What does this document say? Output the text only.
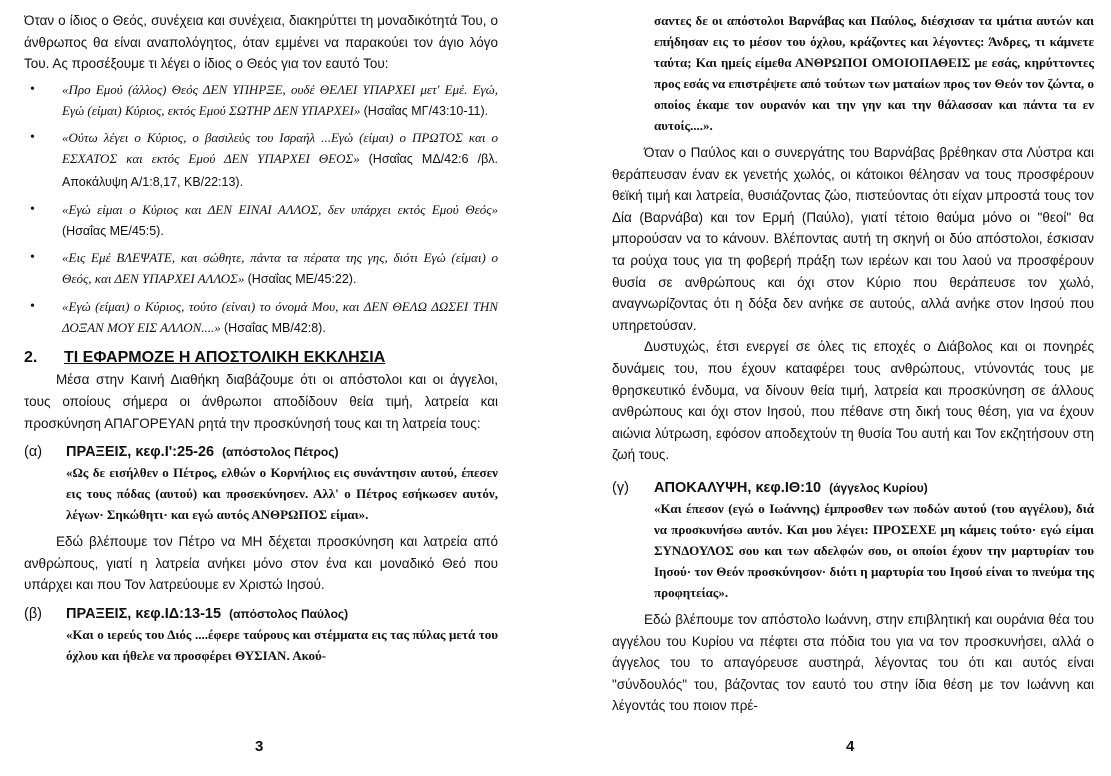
Όταν ο ίδιος ο Θεός, συνέχεια και συνέχεια, διακηρύττει τη μοναδικότητά Του, ο άνθρωπος θα είναι αναπολόγητος, όταν εμμένει να παρακούει τον άγιο λόγο Του. Ας προσέξουμε τι λέγει ο ίδιος ο Θεός για τον εαυτό Του:

• «Προ Εμού (άλλος) Θεός ΔΕΝ ΥΠΗΡΞΕ, ουδέ ΘΕΛΕΙ ΥΠΑΡΧΕΙ μετ' Εμέ. Εγώ, Εγώ (είμαι) Κύριος, εκτός Εμού ΣΩΤΗΡ ΔΕΝ ΥΠΑΡΧΕΙ» (Ησαΐας ΜΓ/43:10-11).
• «Ούτω λέγει ο Κύριος, ο βασιλεύς του Ισραήλ ...Εγώ (είμαι) ο ΠΡΩΤΟΣ και ο ΕΣΧΑΤΟΣ και εκτός Εμού ΔΕΝ ΥΠΑΡΧΕΙ ΘΕΟΣ» (Ησαΐας ΜΔ/42:6 /βλ. Αποκάλυψη Α/1:8,17, ΚΒ/22:13).
• «Εγώ είμαι ο Κύριος και ΔΕΝ ΕΙΝΑΙ ΑΛΛΟΣ, δεν υπάρχει εκτός Εμού Θεός» (Ησαΐας ΜΕ/45:5).
• «Εις Εμέ ΒΛΕΨΑΤΕ, και σώθητε, πάντα τα πέρατα της γης, διότι Εγώ (είμαι) ο Θεός, και ΔΕΝ ΥΠΑΡΧΕΙ ΑΛΛΟΣ» (Ησαΐας ΜΕ/45:22).
• «Εγώ (είμαι) ο Κύριος, τούτο (είναι) το όνομά Μου, και ΔΕΝ ΘΕΛΩ ΔΩΣΕΙ ΤΗΝ ΔΟΞΑΝ ΜΟΥ ΕΙΣ ΑΛΛΟΝ....» (Ησαΐας ΜΒ/42:8).
2.	ΤΙ ΕΦΑΡΜΟΖΕ Η ΑΠΟΣΤΟΛΙΚΗ ΕΚΚΛΗΣΙΑ

Μέσα στην Καινή Διαθήκη διαβάζουμε ότι οι απόστολοι και οι άγγελοι, τους οποίους σήμερα οι άνθρωποι αποδίδουν θεία τιμή, λατρεία και προσκύνηση ΑΠΑΓΟΡΕΥΑΝ ρητά την προσκύνησή τους και τη λατρεία τους:

(α)	ΠΡΑΞΕΙΣ, κεφ.Ι':25-26 (απόστολος Πέτρος)

«Ως δε εισήλθεν ο Πέτρος, ελθών ο Κορνήλιος εις συνάντησιν αυτού, έπεσεν εις τους πόδας (αυτού) και προσεκύνησεν. Αλλ' ο Πέτρος εσήκωσεν αυτόν, λέγων· Σηκώθητι· και εγώ αυτός ΑΝΘΡΩΠΟΣ είμαι».

Εδώ βλέπουμε τον Πέτρο να ΜΗ δέχεται προσκύνηση και λατρεία από ανθρώπους, γιατί η λατρεία ανήκει μόνο στον ένα και μοναδικό Θεό που υπάρχει και που Τον λατρεύουμε εν Χριστώ Ιησού.

(β)	ΠΡΑΞΕΙΣ, κεφ.ΙΔ:13-15 (απόστολος Παύλος)

«Και ο ιερεύς του Διός ....έφερε ταύρους και στέμματα εις τας πύλας μετά του όχλου και ήθελε να προσφέρει ΘΥΣΙΑΝ. Ακού-

σαντες δε οι απόστολοι Βαρνάβας και Παύλος, διέσχισαν τα ιμάτια αυτών και επήδησαν εις το μέσον του όχλου, κράζοντες και λέγοντες: Άνδρες, τι κάμνετε ταύτα; Και ημείς είμεθα ΑΝΘΡΩΠΟΙ ΟΜΟΙΟΠΑΘΕΙΣ με εσάς, κηρύττοντες προς εσάς να επιστρέψετε από τούτων των ματαίων προς τον Θεόν τον ζώντα, ο οποίος έκαμε τον ουρανόν και την γην και την θάλασσαν και πάντα τα εν αυτοίς....».

Όταν ο Παύλος και ο συνεργάτης του Βαρνάβας βρέθηκαν στα Λύστρα και θεράπευσαν έναν εκ γενετής χωλός, οι κάτοικοι θέλησαν να τους προσφέρουν θεϊκή τιμή και λατρεία, θυσιάζοντας ζώο, πιστεύοντας ότι είχαν μπροστά τους τον Δία (Βαρνάβα) και τον Ερμή (Παύλο), γιατί τέτοιο θαύμα μόνο οι "θεοί" θα μπορούσαν να το κάνουν. Βλέποντας αυτή τη σκηνή οι δύο απόστολοι, έσκισαν τα ρούχα τους για τη φοβερή πράξη των ιερέων και του λαού να προσφέρουν θυσία σε ανθρώπους και όχι στον Κύριο που θεράπευσε τον χωλό, αναγνωρίζοντας ότι η δόξα δεν ανήκε σε αυτούς, αλλά ανήκε στον Ιησού που υπηρετούσαν.

Δυστυχώς, έτσι ενεργεί σε όλες τις εποχές ο Διάβολος και οι πονηρές δυνάμεις του, που έχουν καταφέρει τους ανθρώπους, ντύνοντάς τους με θρησκευτικό ένδυμα, να δίνουν θεία τιμή, λατρεία και προσκύνηση σε άλλους ανθρώπους και όχι στον Ιησού, που πέθανε στη δική τους θέση, για να έχουν αιώνια λύτρωση, εφόσον αποδεχτούν τη θυσία Του αυτή και Τον εκζητήσουν στη ζωή τους.

(γ)	ΑΠΟΚΑΛΥΨΗ, κεφ.ΙΘ:10 (άγγελος Κυρίου)

«Και έπεσον (εγώ ο Ιωάννης) έμπροσθεν των ποδών αυτού (του αγγέλου), διά να προσκυνήσω αυτόν. Και μου λέγει: ΠΡΟΣΕΧΕ μη κάμεις τούτο· εγώ είμαι ΣΥΝΔΟΥΛΟΣ σου και των αδελφών σου, οι οποίοι έχουν την μαρτυρίαν του Ιησού· τον Θεόν προσκύνησον· διότι η μαρτυρία του Ιησού είναι το πνεύμα της προφητείας».

Εδώ βλέπουμε τον απόστολο Ιωάννη, στην επιβλητική και ουράνια θέα του αγγέλου του Κυρίου να πέφτει στα πόδια του για να τον προσκυνήσει, αλλά ο άγγελος του το απαγόρευσε αυστηρά, λέγοντας του ότι και αυτός είναι "σύνδουλός" του, βάζοντας τον εαυτό του στην ίδια θέση με τον Ιωάννη και λέγοντάς του ποιον πρέ-

3	4
